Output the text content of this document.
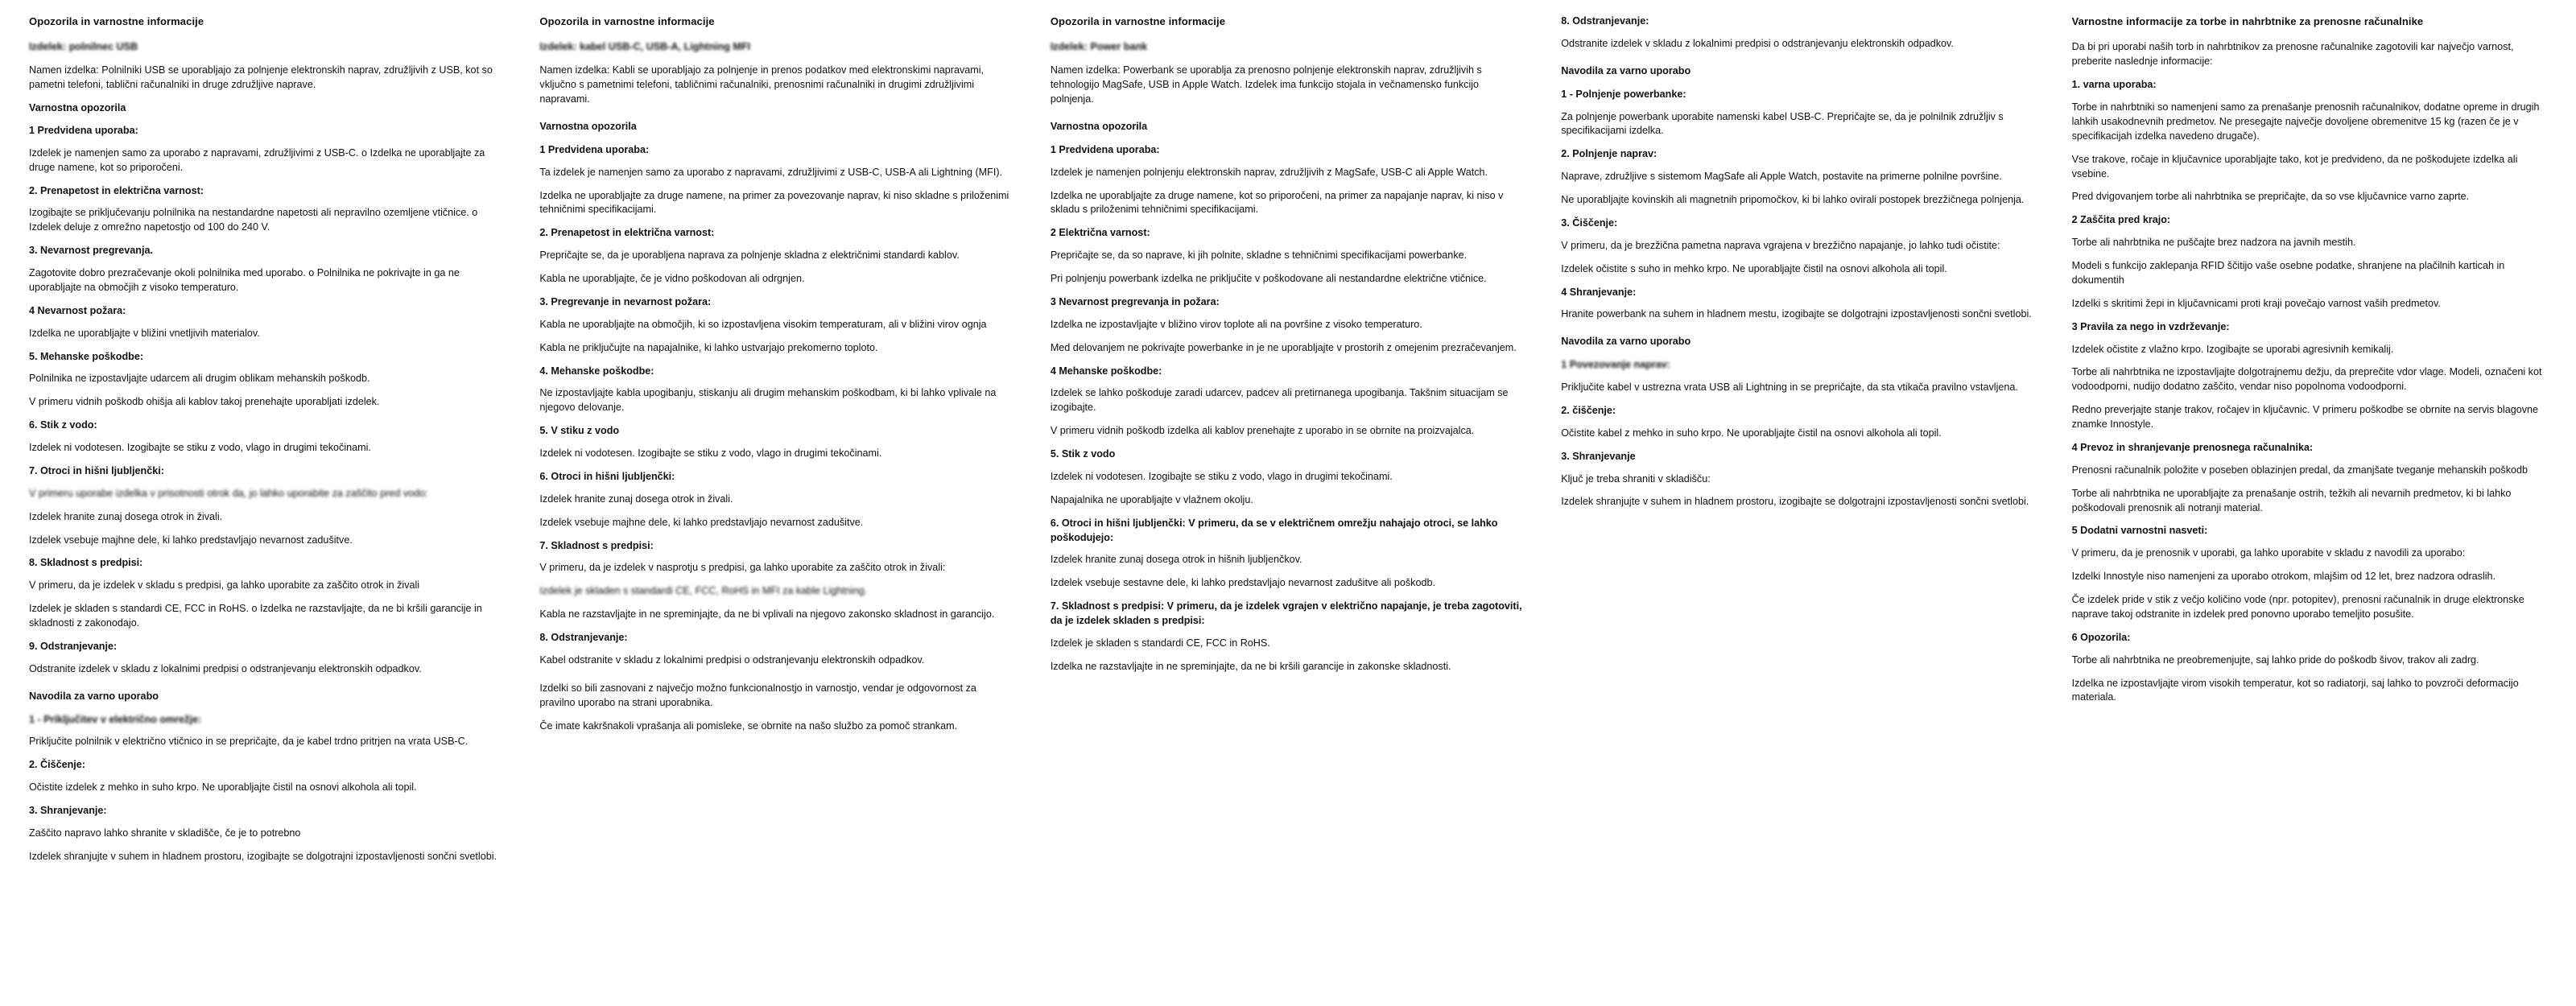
Opozorila in varnostne informacije
Izdelek: polnilnec USB
Namen izdelka: Polnilniki USB se uporabljajo za polnjenje elektronskih naprav, združljivih z USB, kot so pametni telefoni, tablični računalniki in druge združljive naprave.
Varnostna opozorila
1 Predvidena uporaba:
Izdelek je namenjen samo za uporabo z napravami, združljivimi z USB-C. o Izdelka ne uporabljajte za druge namene, kot so priporočeni.
2. Prenapetost in električna varnost:
Izogibajte se priključevanju polnilnika na nestandardne napetosti ali nepravilno ozemljene vtičnice. o Izdelek deluje z omrežno napetostjo od 100 do 240 V.
3. Nevarnost pregrevanja.
Zagotovite dobro prezračevanje okoli polnilnika med uporabo. o Polnilnika ne pokrivajte in ga ne uporabljajte na območjih z visoko temperaturo.
4 Nevarnost požara:
Izdelka ne uporabljajte v bližini vnetljivih materialov.
5. Mehanske poškodbe:
Polnilnika ne izpostavljajte udarcem ali drugim oblikam mehanskih poškodb.
V primeru vidnih poškodb ohišja ali kablov takoj prenehajte uporabljati izdelek.
6. Stik z vodo:
Izdelek ni vodotesen. Izogibajte se stiku z vodo, vlago in drugimi tekočinami.
7. Otroci in hišni ljubljenčki:
V primeru uporabe izdelka v prisotnosti otrok da, jo lahko uporabite za zaščito pred vodo:
Izdelek hranite zunaj dosega otrok in živali.
Izdelek vsebuje majhne dele, ki lahko predstavljajo nevarnost zadušitve.
8. Skladnost s predpisi:
V primeru, da je izdelek v skladu s predpisi, ga lahko uporabite za zaščito otrok in živali
Izdelek je skladen s standardi CE, FCC in RoHS. o Izdelka ne razstavljajte, da ne bi kršili garancije in skladnosti z zakonodajo.
9. Odstranjevanje:
Odstranite izdelek v skladu z lokalnimi predpisi o odstranjevanju elektronskih odpadkov.
Navodila za varno uporabo
1 - Priključitev v električno omrežje:
Priključite polnilnik v električno vtičnico in se prepričajte, da je kabel trdno pritrjen na vrata USB-C.
2. Čiščenje:
Očistite izdelek z mehko in suho krpo. Ne uporabljajte čistil na osnovi alkohola ali topil.
3. Shranjevanje:
Zaščito napravo lahko shranite v skladišče, če je to potrebno
Izdelek shranjujte v suhem in hladnem prostoru, izogibajte se dolgotrajni izpostavljenosti sončni svetlobi.
Opozorila in varnostne informacije
Izdelek: kabel USB-C, USB-A, Lightning MFI
Namen izdelka: Kabli se uporabljajo za polnjenje in prenos podatkov med elektronskimi napravami, vključno s pametnimi telefoni, tabličnimi računalniki, prenosnimi računalniki in drugimi združljivimi napravami.
Varnostna opozorila
1 Predvidena uporaba:
Ta izdelek je namenjen samo za uporabo z napravami, združljivimi z USB-C, USB-A ali Lightning (MFI).
Izdelka ne uporabljajte za druge namene, na primer za povezovanje naprav, ki niso skladne s priloženimi tehničnimi specifikacijami.
2. Prenapetost in električna varnost:
Prepričajte se, da je uporabljena naprava za polnjenje skladna z električnimi standardi kablov.
Kabla ne uporabljajte, če je vidno poškodovan ali odrgnjen.
3. Pregrevanje in nevarnost požara:
Kabla ne uporabljajte na območjih, ki so izpostavljena visokim temperaturam, ali v bližini virov ognja
Kabla ne priključujte na napajalnike, ki lahko ustvarjajo prekomerno toploto.
4. Mehanske poškodbe:
Ne izpostavljajte kabla upogibanju, stiskanju ali drugim mehanskim poškodbam, ki bi lahko vplivale na njegovo delovanje.
5. V stiku z vodo
Izdelek ni vodotesen. Izogibajte se stiku z vodo, vlago in drugimi tekočinami.
6. Otroci in hišni ljubljenčki:
Izdelek hranite zunaj dosega otrok in živali.
Izdelek vsebuje majhne dele, ki lahko predstavljajo nevarnost zadušitve.
7. Skladnost s predpisi:
V primeru, da je izdelek v nasprotju s predpisi, ga lahko uporabite za zaščito otrok in živali:
Izdelek je skladen s standardi CE, FCC, RoHS in MFI za kable Lightning.
Kabla ne razstavljajte in ne spreminjajte, da ne bi vplivali na njegovo zakonsko skladnost in garancijo.
8. Odstranjevanje:
Kabel odstranite v skladu z lokalnimi predpisi o odstranjevanju elektronskih odpadkov.
Izdelki so bili zasnovani z največjo možno funkcionalnostjo in varnostjo, vendar je odgovornost za pravilno uporabo na strani uporabnika.
Če imate kakršnakoli vprašanja ali pomisleke, se obrnite na našo službo za pomoč strankam.
Opozorila in varnostne informacije
Izdelek: Power bank
Namen izdelka: Powerbank se uporablja za prenosno polnjenje elektronskih naprav, združljivih s tehnologijo MagSafe, USB in Apple Watch. Izdelek ima funkcijo stojala in večnamensko funkcijo polnjenja.
Varnostna opozorila
1 Predvidena uporaba:
Izdelek je namenjen polnjenju elektronskih naprav, združljivih z MagSafe, USB-C ali Apple Watch.
Izdelka ne uporabljajte za druge namene, kot so priporočeni, na primer za napajanje naprav, ki niso v skladu s priloženimi tehničnimi specifikacijami.
2 Električna varnost:
Prepričajte se, da so naprave, ki jih polnite, skladne s tehničnimi specifikacijami powerbanke.
Pri polnjenju powerbank izdelka ne priključite v poškodovane ali nestandardne električne vtičnice.
3 Nevarnost pregrevanja in požara:
Izdelka ne izpostavljajte v bližino virov toplote ali na površine z visoko temperaturo.
Med delovanjem ne pokrivajte powerbanke in je ne uporabljajte v prostorih z omejenim prezračevanjem.
4 Mehanske poškodbe:
Izdelek se lahko poškoduje zaradi udarcev, padcev ali pretirnanega upogibanja. Takšnim situacijam se izogibajte.
V primeru vidnih poškodb izdelka ali kablov prenehajte z uporabo in se obrnite na proizvajalca.
5. Stik z vodo
Izdelek ni vodotesen. Izogibajte se stiku z vodo, vlago in drugimi tekočinami.
Napajalnika ne uporabljajte v vlažnem okolju.
6. Otroci in hišni ljubljenčki: V primeru, da se v električnem omrežju nahajajo otroci, se lahko poškodujejo:
Izdelek hranite zunaj dosega otrok in hišnih ljubljenčkov.
Izdelek vsebuje sestavne dele, ki lahko predstavljajo nevarnost zadušitve ali poškodb.
7. Skladnost s predpisi: V primeru, da je izdelek vgrajen v električno napajanje, je treba zagotoviti, da je izdelek skladen s predpisi:
Izdelek je skladen s standardi CE, FCC in RoHS.
Izdelka ne razstavljajte in ne spreminjajte, da ne bi kršili garancije in zakonske skladnosti.
8. Odstranjevanje:
Odstranite izdelek v skladu z lokalnimi predpisi o odstranjevanju elektronskih odpadkov.
Navodila za varno uporabo
1 - Polnjenje powerbanke:
Za polnjenje powerbank uporabite namenski kabel USB-C. Prepričajte se, da je polnilnik združljiv s specifikacijami izdelka.
2. Polnjenje naprav:
Naprave, združljive s sistemom MagSafe ali Apple Watch, postavite na primerne polnilne površine.
Ne uporabljajte kovinskih ali magnetnih pripomočkov, ki bi lahko ovirali postopek brezžičnega polnjenja.
3. Čiščenje:
V primeru, da je brezžična pametna naprava vgrajena v brezžično napajanje, jo lahko tudi očistite:
Izdelek očistite s suho in mehko krpo. Ne uporabljajte čistil na osnovi alkohola ali topil.
4 Shranjevanje:
Hranite powerbank na suhem in hladnem mestu, izogibajte se dolgotrajni izpostavljenosti sončni svetlobi.
Navodila za varno uporabo
1 Povezovanje naprav:
Priključite kabel v ustrezna vrata USB ali Lightning in se prepričajte, da sta vtikača pravilno vstavljena.
2. čiščenje:
Očistite kabel z mehko in suho krpo. Ne uporabljajte čistil na osnovi alkohola ali topil.
3. Shranjevanje
Ključ je treba shraniti v skladišču:
Izdelek shranjujte v suhem in hladnem prostoru, izogibajte se dolgotrajni izpostavljenosti sončni svetlobi.
Varnostne informacije za torbe in nahrbtnike za prenosne računalnike
Da bi pri uporabi naših torb in nahrbtnikov za prenosne računalnike zagotovili kar največjo varnost, preberite naslednje informacije:
1. varna uporaba:
Torbe in nahrbtniki so namenjeni samo za prenašanje prenosnih računalnikov, dodatne opreme in drugih lahkih usakodnevnih predmetov. Ne presegajte največje dovoljene obremenitve 15 kg (razen če je v specifikacijah izdelka navedeno drugače).
Vse trakove, ročaje in ključavnice uporabljajte tako, kot je predvideno, da ne poškodujete izdelka ali vsebine.
Pred dvigovanjem torbe ali nahrbtnika se prepričajte, da so vse ključavnice varno zaprte.
2 Zaščita pred krajo:
Torbe ali nahrbtnika ne puščajte brez nadzora na javnih mestih.
Modeli s funkcijo zaklepanja RFID ščitijo vaše osebne podatke, shranjene na plačilnih karticah in dokumentih
Izdelki s skritimi žepi in ključavnicami proti kraji povečajo varnost vaših predmetov.
3 Pravila za nego in vzdrževanje:
Izdelek očistite z vlažno krpo. Izogibajte se uporabi agresivnih kemikalij.
Torbe ali nahrbtnika ne izpostavljajte dolgotrajnemu dežju, da preprečite vdor vlage. Modeli, označeni kot vodoodporni, nudijo dodatno zaščito, vendar niso popolnoma vodoodporni.
Redno preverjajte stanje trakov, ročajev in ključavnic. V primeru poškodbe se obrnite na servis blagovne znamke Innostyle.
4 Prevoz in shranjevanje prenosnega računalnika:
Prenosni računalnik položite v poseben oblazinjen predal, da zmanjšate tveganje mehanskih poškodb
Torbe ali nahrbtnika ne uporabljajte za prenašanje ostrih, težkih ali nevarnih predmetov, ki bi lahko poškodovali prenosnik ali notranji material.
5 Dodatni varnostni nasveti:
V primeru, da je prenosnik v uporabi, ga lahko uporabite v skladu z navodili za uporabo:
Izdelki Innostyle niso namenjeni za uporabo otrokom, mlajšim od 12 let, brez nadzora odraslih.
Če izdelek pride v stik z večjo količino vode (npr. potopitev), prenosni računalnik in druge elektronske naprave takoj odstranite in izdelek pred ponovno uporabo temeljito posušite.
6 Opozorila:
Torbe ali nahrbtnika ne preobremenjujte, saj lahko pride do poškodb šivov, trakov ali zadrg.
Izdelka ne izpostavljajte virom visokih temperatur, kot so radiatorji, saj lahko to povzroči deformacijo materiala.
